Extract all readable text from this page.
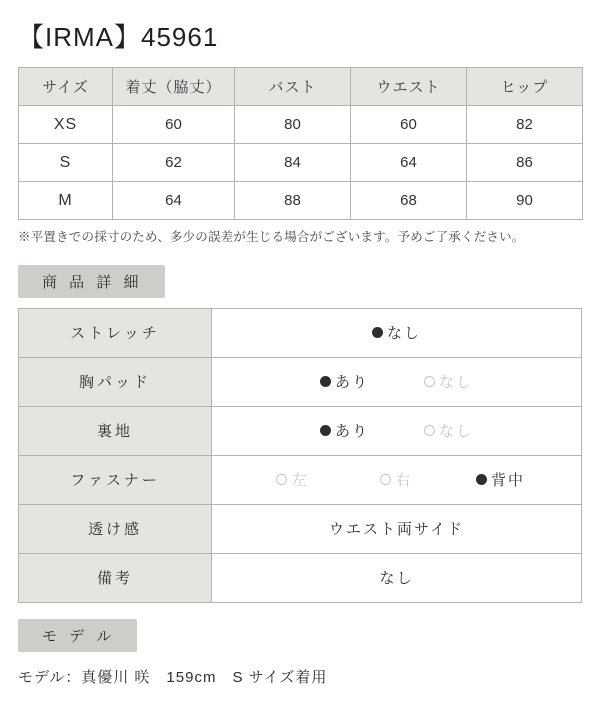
【IRMA】45961
サイズ	着丈（脇丈）	バスト	ウエスト	ヒップ
XS	60	80	60	82
S	62	84	64	86
M	64	88	68	90
※平置きでの採寸のため、多少の誤差が生じる場合がございます。予めご了承ください。
商 品 詳 細
ストレッチ	なし

胸パッド	あり なし

裏地	あり なし

ファスナー	左 右 背中

透け感	ウエスト両サイド
備考	なし
モ デ ル
モデル：真優川 咲　159cm　S サイズ着用
